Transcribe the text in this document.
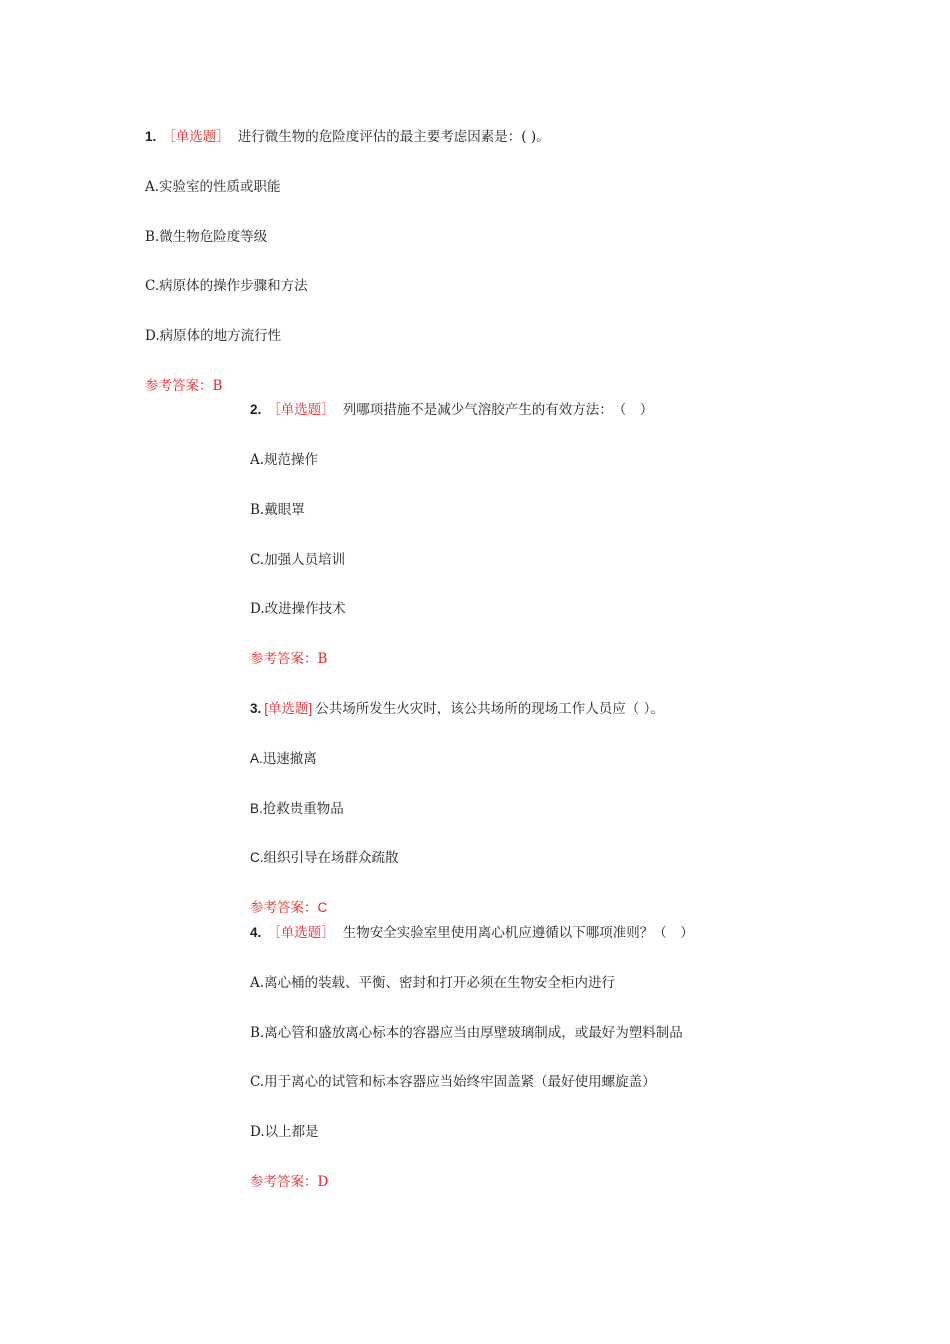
1. ［单选题］ 进行微生物的危险度评估的最主要考虑因素是：( )。
A.实验室的性质或职能
B.微生物危险度等级
C.病原体的操作步骤和方法
D.病原体的地方流行性
参考答案：B
2. ［单选题］ 列哪项措施不是减少气溶胶产生的有效方法：　（　）
A.规范操作
B.戴眼罩
C.加强人员培训
D.改进操作技术
参考答案：B
3. [单选题] 公共场所发生火灾时，该公共场所的现场工作人员应（ ）。
A.迅速撤离
B.抢救贵重物品
C.组织引导在场群众疏散
参考答案：C
4. ［单选题］ 生物安全实验室里使用离心机应遵循以下哪项准则？（　）
A.离心桶的装载、平衡、密封和打开必须在生物安全柜内进行
B.离心管和盛放离心标本的容器应当由厚壁玻璃制成，或最好为塑料制品
C.用于离心的试管和标本容器应当始终牢固盖紧（最好使用螺旋盖）
D.以上都是
参考答案：D
